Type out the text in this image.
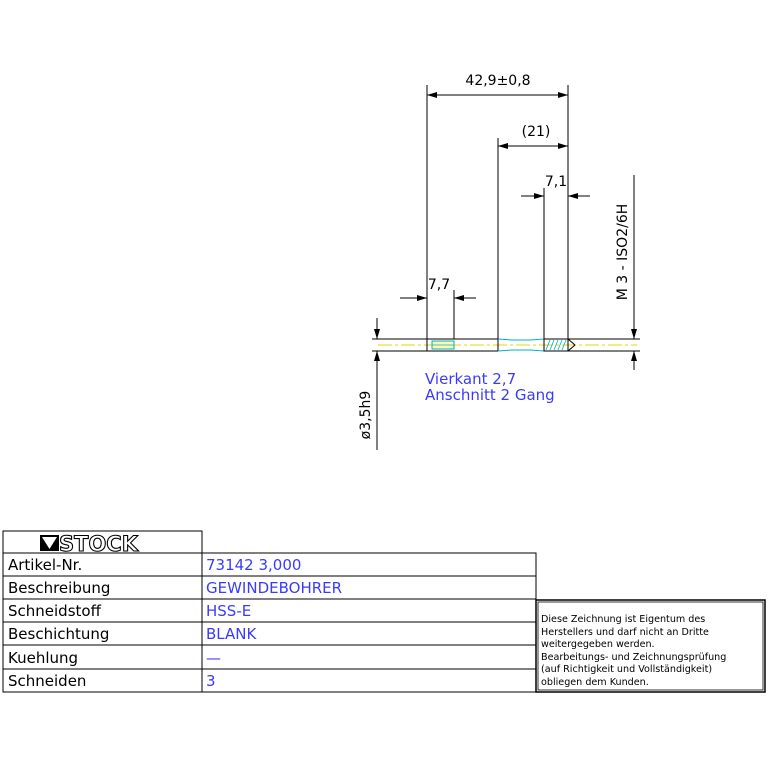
42,9±0,8
(21)
7,1
7,7	M 3 - ISO2/6H
ø3,5h9
Vierkant 2,7
Anschnitt 2 Gang
STOCK
Artikel-Nr.	73142 3,000
Beschreibung	GEWINDEBOHRER
Schneidstoff	HSS-E
Beschichtung	BLANK
Kuehlung	—
Schneiden	3
Diese Zeichnung ist Eigentum des
Herstellers und darf nicht an Dritte
weitergegeben werden.
Bearbeitungs- und Zeichnungsprüfung
(auf Richtigkeit und Vollständigkeit)
obliegen dem Kunden.
